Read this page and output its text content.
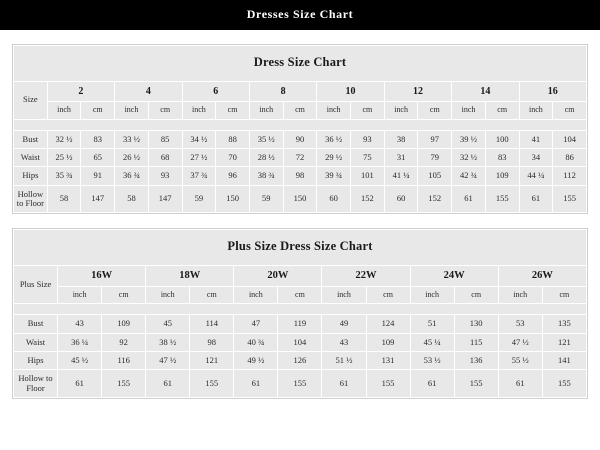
Dresses Size Chart
Dress Size Chart																
Size	2		4		6		8		10		12		14		16	
	inch	cm	inch	cm	inch	cm	inch	cm	inch	cm	inch	cm	inch	cm	inch	cm

Bust	32 ½	83	33 ½	85	34 ½	88	35 ½	90	36 ½	93	38	97	39 ½	100	41	104
Waist	25 ½	65	26 ½	68	27 ½	70	28 ½	72	29 ½	75	31	79	32 ½	83	34	86
Hips	35 ¾	91	36 ¾	93	37 ¾	96	38 ¾	98	39 ¾	101	41 ¼	105	42 ¾	109	44 ¼	112
Hollow to Floor	58	147	58	147	59	150	59	150	60	152	60	152	61	155	61	155
Plus Size Dress Size Chart												
Plus Size	16W		18W		20W		22W		24W		26W	
	inch	cm	inch	cm	inch	cm	inch	cm	inch	cm	inch	cm

Bust	43	109	45	114	47	119	49	124	51	130	53	135
Waist	36 ¼	92	38 ½	98	40 ¾	104	43	109	45 ¼	115	47 ½	121
Hips	45 ½	116	47 ½	121	49 ½	126	51 ½	131	53 ½	136	55 ½	141
Hollow to Floor	61	155	61	155	61	155	61	155	61	155	61	155
